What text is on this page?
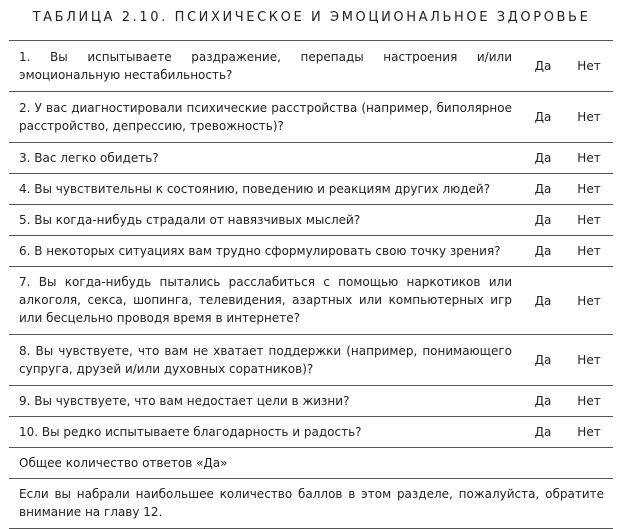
ТАБЛИЦА 2.10. ПСИХИЧЕСКОЕ И ЭМОЦИОНАЛЬНОЕ ЗДОРОВЬЕ
1. Вы испытываете раздражение, перепады настроения и/или эмоциональную нестабильность?	Да	Нет
2. У вас диагностировали психические расстройства (например, биполярное расстройство, депрессию, тревожность)?	Да	Нет
3. Вас легко обидеть?	Да	Нет
4. Вы чувствительны к состоянию, поведению и реакциям других людей?	Да	Нет
5. Вы когда-нибудь страдали от навязчивых мыслей?	Да	Нет
6. В некоторых ситуациях вам трудно сформулировать свою точку зрения?	Да	Нет
7. Вы когда-нибудь пытались расслабиться с помощью наркотиков или алкоголя, секса, шопинга, телевидения, азартных или компьютерных игр или бесцельно проводя время в интернете?	Да	Нет
8. Вы чувствуете, что вам не хватает поддержки (например, понимающего супруга, друзей и/или духовных соратников)?	Да	Нет
9. Вы чувствуете, что вам недостает цели в жизни?	Да	Нет
10. Вы редко испытываете благодарность и радость?	Да	Нет
Общее количество ответов «Да»		
Если вы набрали наибольшее количество баллов в этом разделе, пожалуйста, обратите внимание на главу 12.		
